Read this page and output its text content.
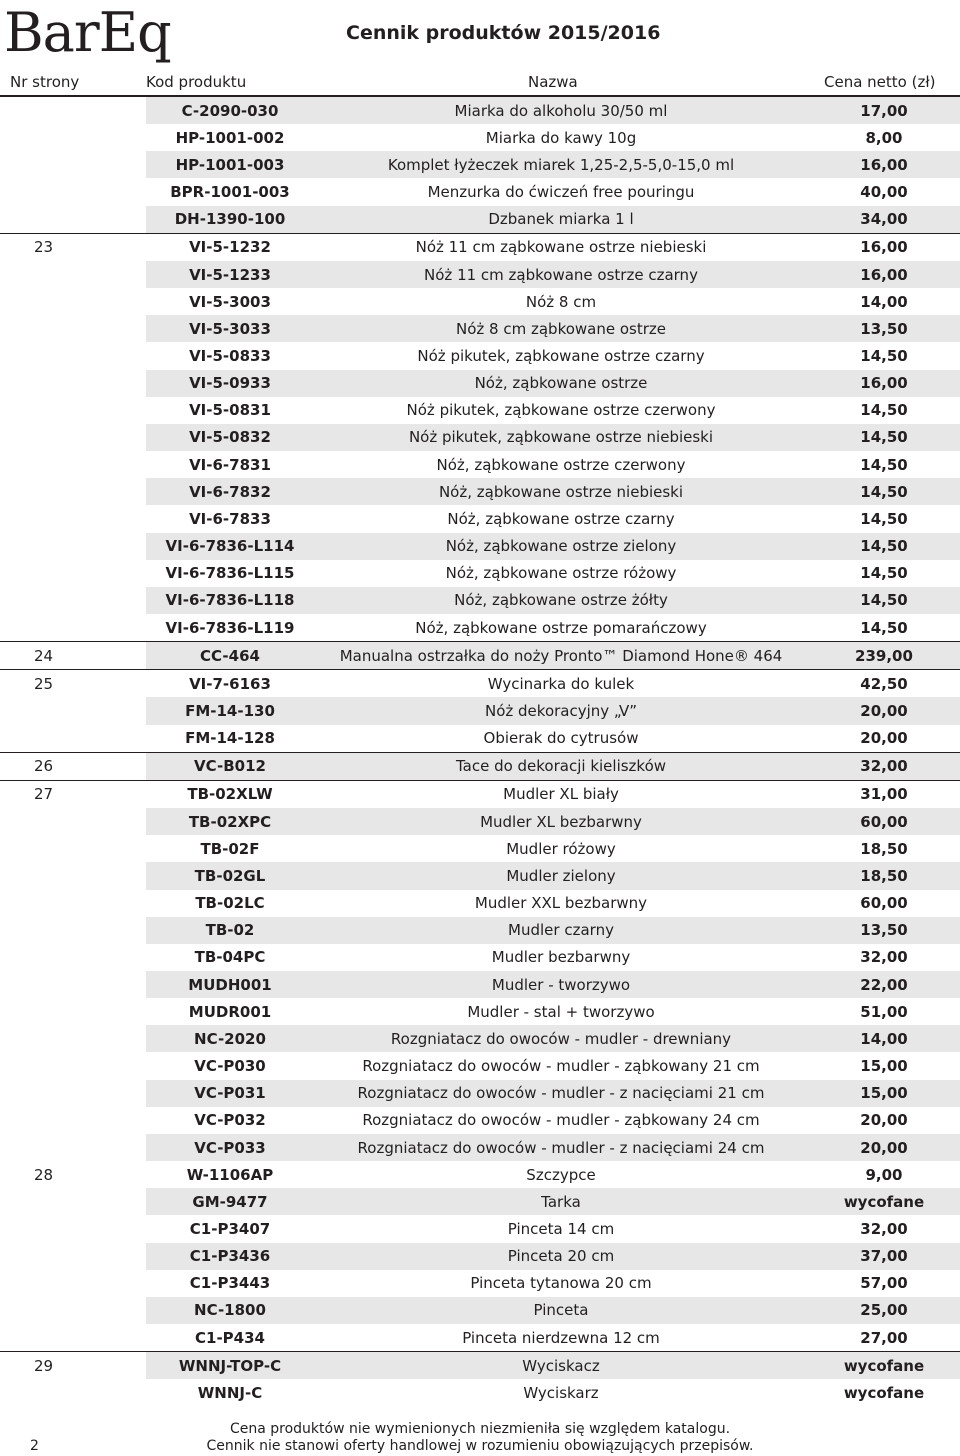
BarEq	Cennik produktów 2015/2016
Nr strony	Kod produktu	Nazwa	Cena netto (zł)
	C-2090-030	Miarka do alkoholu 30/50 ml	17,00
	HP-1001-002	Miarka do kawy 10g	8,00
	HP-1001-003	Komplet łyżeczek miarek 1,25-2,5-5,0-15,0 ml	16,00
	BPR-1001-003	Menzurka do ćwiczeń free pouringu	40,00
	DH-1390-100	Dzbanek miarka 1 l	34,00
23	VI-5-1232	Nóż 11 cm ząbkowane ostrze niebieski	16,00
	VI-5-1233	Nóż 11 cm ząbkowane ostrze czarny	16,00
	VI-5-3003	Nóż 8 cm	14,00
	VI-5-3033	Nóż 8 cm ząbkowane ostrze	13,50
	VI-5-0833	Nóż pikutek, ząbkowane ostrze czarny	14,50
	VI-5-0933	Nóż, ząbkowane ostrze	16,00
	VI-5-0831	Nóż pikutek, ząbkowane ostrze czerwony	14,50
	VI-5-0832	Nóż pikutek, ząbkowane ostrze niebieski	14,50
	VI-6-7831	Nóż, ząbkowane ostrze czerwony	14,50
	VI-6-7832	Nóż, ząbkowane ostrze niebieski	14,50
	VI-6-7833	Nóż, ząbkowane ostrze czarny	14,50
	VI-6-7836-L114	Nóż, ząbkowane ostrze zielony	14,50
	VI-6-7836-L115	Nóż, ząbkowane ostrze różowy	14,50
	VI-6-7836-L118	Nóż, ząbkowane ostrze żółty	14,50
	VI-6-7836-L119	Nóż, ząbkowane ostrze pomarańczowy	14,50
24	CC-464	Manualna ostrzałka do noży Pronto™ Diamond Hone® 464	239,00
25	VI-7-6163	Wycinarka do kulek	42,50
	FM-14-130	Nóż dekoracyjny „V”	20,00
	FM-14-128	Obierak do cytrusów	20,00
26	VC-B012	Tace do dekoracji kieliszków	32,00
27	TB-02XLW	Mudler XL biały	31,00
	TB-02XPC	Mudler XL bezbarwny	60,00
	TB-02F	Mudler różowy	18,50
	TB-02GL	Mudler zielony	18,50
	TB-02LC	Mudler XXL bezbarwny	60,00
	TB-02	Mudler czarny	13,50
	TB-04PC	Mudler bezbarwny	32,00
	MUDH001	Mudler - tworzywo	22,00
	MUDR001	Mudler - stal + tworzywo	51,00
	NC-2020	Rozgniatacz do owoców - mudler - drewniany	14,00
	VC-P030	Rozgniatacz do owoców - mudler - ząbkowany 21 cm	15,00
	VC-P031	Rozgniatacz do owoców - mudler - z nacięciami 21 cm	15,00
	VC-P032	Rozgniatacz do owoców - mudler - ząbkowany 24 cm	20,00
	VC-P033	Rozgniatacz do owoców - mudler - z nacięciami 24 cm	20,00
28	W-1106AP	Szczypce	9,00
	GM-9477	Tarka	wycofane
	C1-P3407	Pinceta 14 cm	32,00
	C1-P3436	Pinceta 20 cm	37,00
	C1-P3443	Pinceta tytanowa 20 cm	57,00
	NC-1800	Pinceta	25,00
	C1-P434	Pinceta nierdzewna 12 cm	27,00
29	WNNJ-TOP-C	Wyciskacz	wycofane
	WNNJ-C	Wyciskarz	wycofane
2
Cena produktów nie wymienionych niezmieniła się względem katalogu.
Cennik nie stanowi oferty handlowej w rozumieniu obowiązujących przepisów.
